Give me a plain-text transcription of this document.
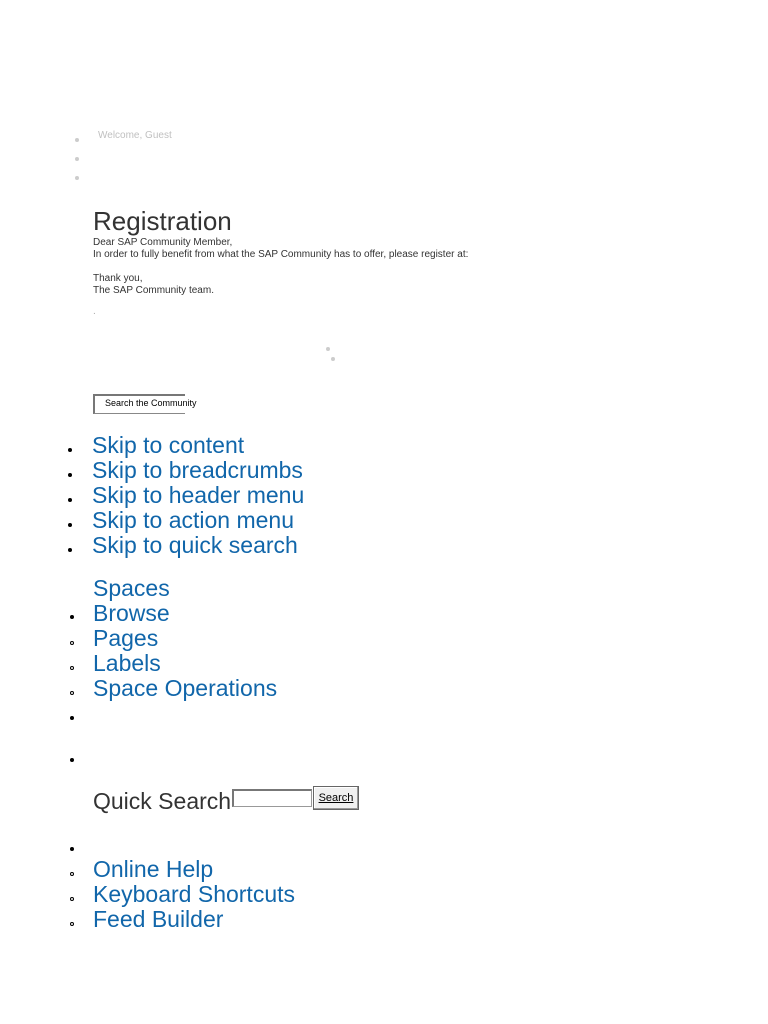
Welcome, Guest
Registration
Dear SAP Community Member,
In order to fully benefit from what the SAP Community has to offer, please register at:
Thank you,
The SAP Community team.
.
Search the Community
Skip to content
Skip to breadcrumbs
Skip to header menu
Skip to action menu
Skip to quick search
Spaces
Browse
Pages
Labels
Space Operations
Quick Search	Search
Online Help
Keyboard Shortcuts
Feed Builder
